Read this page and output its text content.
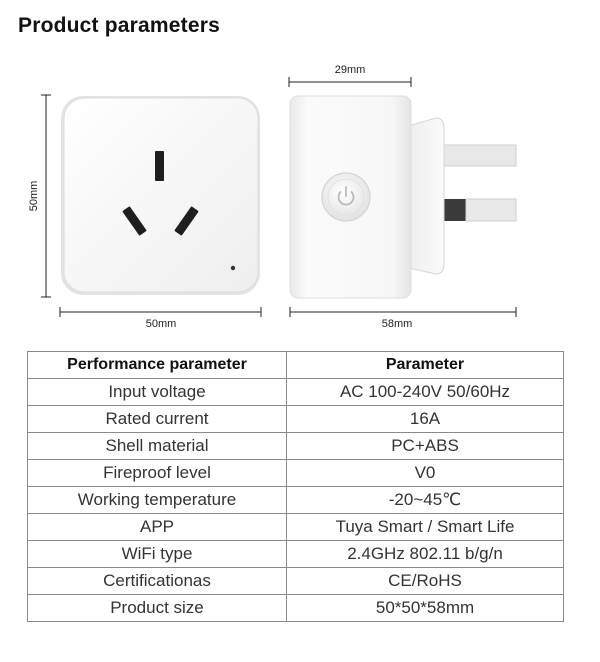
Product parameters
50mm
50mm
29mm
58mm
Performance parameter	Parameter
Input voltage	AC 100-240V 50/60Hz
Rated current	16A
Shell material	PC+ABS
Fireproof level	V0
Working temperature	-20~45℃
APP	Tuya Smart / Smart Life
WiFi type	2.4GHz 802.11 b/g/n
Certificationas	CE/RoHS
Product size	50*50*58mm
